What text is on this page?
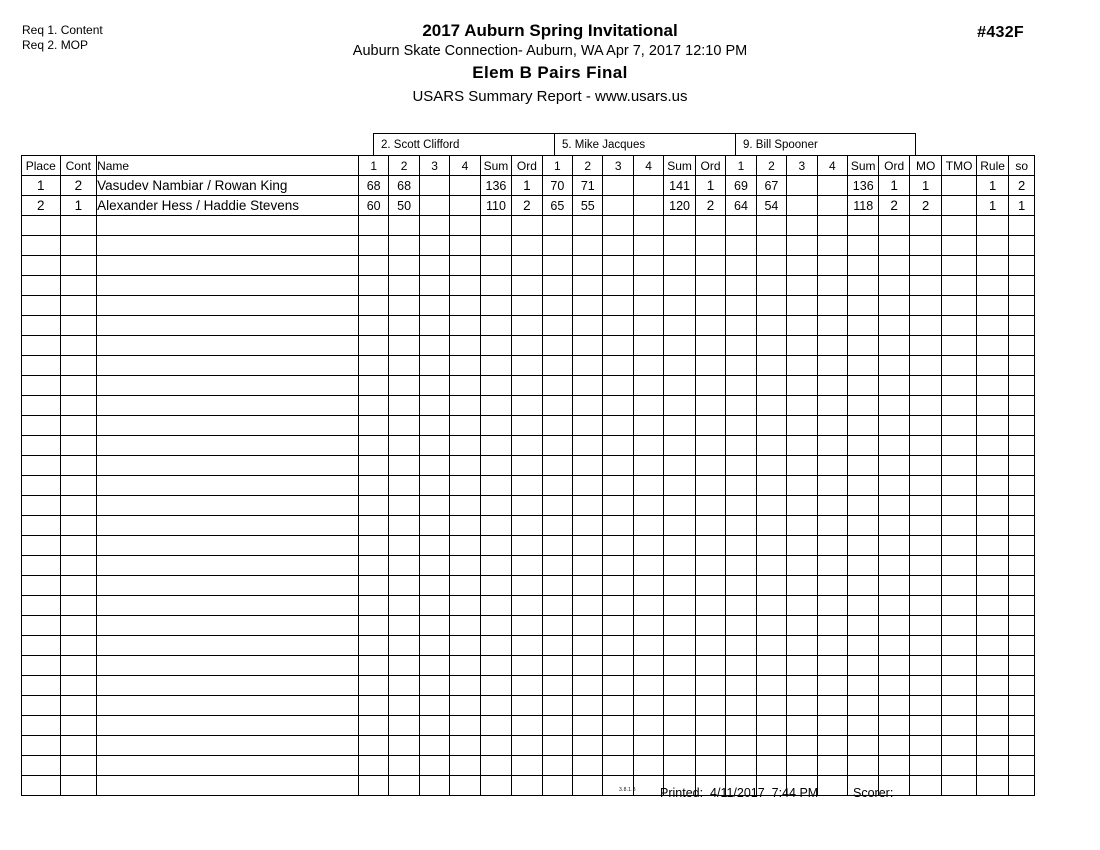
Req 1. Content
Req 2. MOP
2017 Auburn Spring Invitational
Auburn Skate Connection- Auburn, WA Apr 7, 2017 12:10 PM
Elem B Pairs Final
USARS Summary Report - www.usars.us
#432F
2. Scott Clifford	5. Mike Jacques	9. Bill Spooner
Place	Cont	Name	1	2	3	4	Sum	Ord	1	2	3	4	Sum	Ord	1	2	3	4	Sum	Ord	MO	TMO	Rule	so
1	2	Vasudev Nambiar / Rowan King	68	68			136	1	70	71			141	1	69	67			136	1	1		1	2
2	1	Alexander Hess / Haddie Stevens	60	50			110	2	65	55			120	2	64	54			118	2	2		1	1

3.8.1.8 Printed:  4/11/2017  7:44 PM	Scorer:
